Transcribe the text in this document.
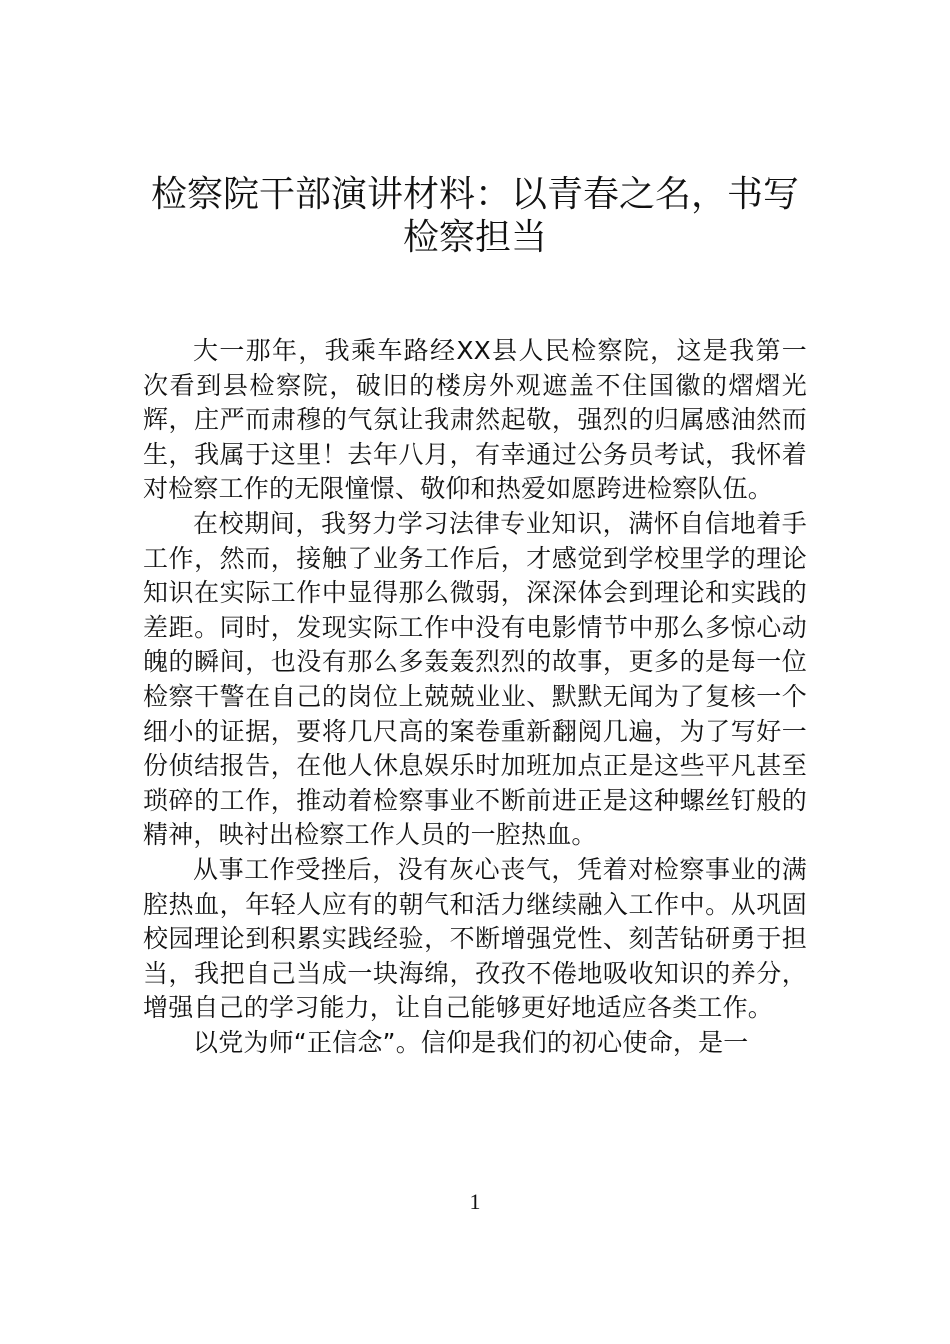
检察院干部演讲材料：以青春之名，书写
检察担当

大一那年，我乘车路经XX县人民检察院，这是我第一次看到县检察院，破旧的楼房外观遮盖不住国徽的熠熠光辉，庄严而肃穆的气氛让我肃然起敬，强烈的归属感油然而生，我属于这里！去年八月，有幸通过公务员考试，我怀着对检察工作的无限憧憬、敬仰和热爱如愿跨进检察队伍。

在校期间，我努力学习法律专业知识，满怀自信地着手工作，然而，接触了业务工作后，才感觉到学校里学的理论知识在实际工作中显得那么微弱，深深体会到理论和实践的差距。同时，发现实际工作中没有电影情节中那么多惊心动魄的瞬间，也没有那么多轰轰烈烈的故事，更多的是每一位检察干警在自己的岗位上兢兢业业、默默无闻为了复核一个细小的证据，要将几尺高的案卷重新翻阅几遍，为了写好一份侦结报告，在他人休息娱乐时加班加点正是这些平凡甚至琐碎的工作，推动着检察事业不断前进正是这种螺丝钉般的精神，映衬出检察工作人员的一腔热血。

从事工作受挫后，没有灰心丧气，凭着对检察事业的满腔热血，年轻人应有的朝气和活力继续融入工作中。从巩固校园理论到积累实践经验，不断增强党性、刻苦钻研勇于担当，我把自己当成一块海绵，孜孜不倦地吸收知识的养分，增强自己的学习能力，让自己能够更好地适应各类工作。

以党为师“正信念”。信仰是我们的初心使命，是一

1
